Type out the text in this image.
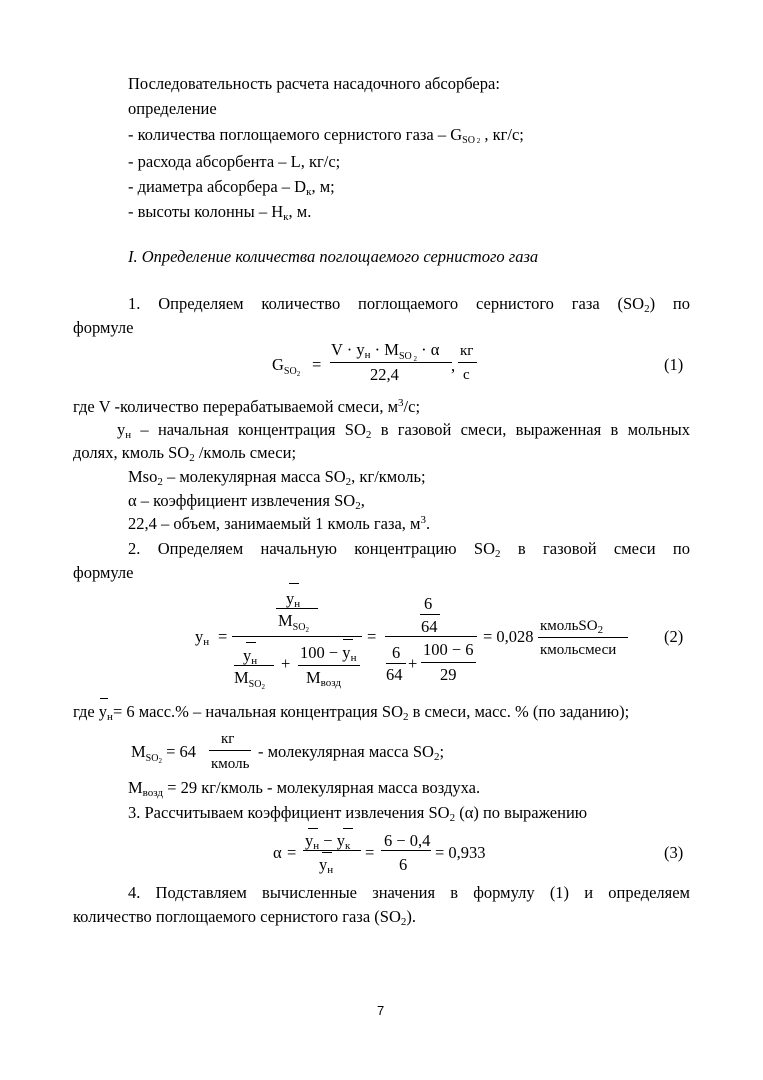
Последовательность расчета насадочного абсорбера:
определение
- количества поглощаемого сернистого газа – $G_{SO 2}$ , кг/с;
- расхода абсорбента – L, кг/с;
- диаметра абсорбера – $D_к$, м;
- высоты колонны – $H_к$, м.
I. Определение количества поглощаемого сернистого газа
1. Определяем количество поглощаемого сернистого газа $(SO_2)$ по
формуле
$G_{SO2}$ =
$V \cdot y_н \cdot M_{SO}$ $_2$ · α
22,4	,
кг
с
(1)
где V -количество перерабатываемой смеси, $м^3/с$;
$у_н$ – начальная концентрация $SO_2$ в газовой смеси, выраженная в мольных
долях, кмоль $SO_2$ /кмоль смеси;
Mso$_2$ – молекулярная масса $SO_2$, кг/кмоль;
α – коэффициент извлечения $SO_2$,
22,4 – объем, занимаемый 1 кмоль газа, $м^3$.
2. Определяем начальную концентрацию $SO_2$ в газовой смеси по
формуле
$y_н$ =
$y_н$
$M_{SO2}$
$y_н$
$M_{SO2}$
+
$100 - y_н$
$M_{возд}$
=
6
64
6
64
+
100 − 6
29
= 0,028
кмольSO$_2$
кмольсмеси
(2)
где $y_н$
= 6 масс.% – начальная концентрация $SO_2$ в смеси, масс. % (по заданию);
$M_{SO2} = 64$
кг
кмоль
- молекулярная масса $SO_2$;
$M_{возд} = 29$ кг/кмоль - молекулярная масса воздуха.
3. Рассчитываем коэффициент извлечения $SO_2$ (α) по выражению
α =
$y_н - y_к$
$y_н$
=
6 − 0,4
6
= 0,933	(3)
4. Подставляем вычисленные значения в формулу (1) и определяем
количество поглощаемого сернистого газа $(SO_2)$.
7
